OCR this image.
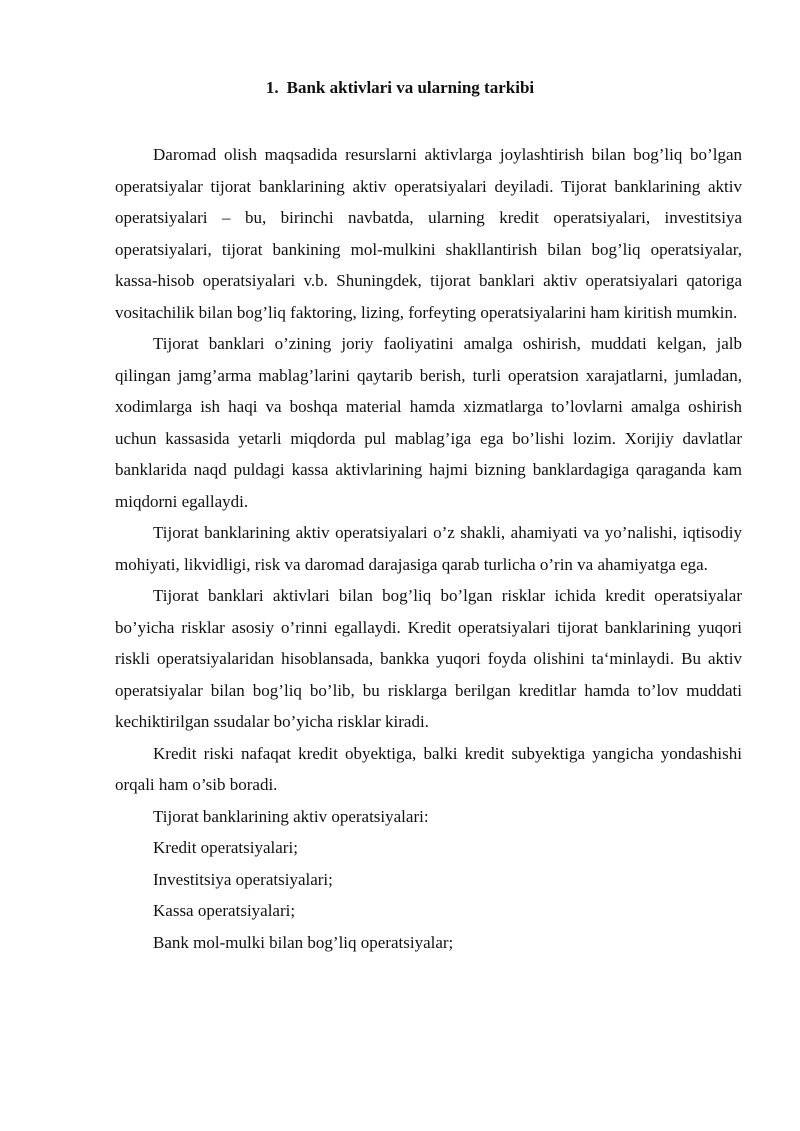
1. Bank aktivlari va ularning tarkibi

Daromad olish maqsadida resurslarni aktivlarga joylashtirish bilan bog’liq bo’lgan operatsiyalar tijorat banklarining aktiv operatsiyalari deyiladi. Tijorat banklarining aktiv operatsiyalari – bu, birinchi navbatda, ularning kredit operatsiyalari, investitsiya operatsiyalari, tijorat bankining mol-mulkini shakllantirish bilan bog’liq operatsiyalar, kassa-hisob operatsiyalari v.b. Shuningdek, tijorat banklari aktiv operatsiyalari qatoriga vositachilik bilan bog’liq faktoring, lizing, forfeyting operatsiyalarini ham kiritish mumkin.

Tijorat banklari o’zining joriy faoliyatini amalga oshirish, muddati kelgan, jalb qilingan jamg’arma mablag’larini qaytarib berish, turli operatsion xarajatlarni, jumladan, xodimlarga ish haqi va boshqa material hamda xizmatlarga to’lovlarni amalga oshirish uchun kassasida yetarli miqdorda pul mablag’iga ega bo’lishi lozim. Xorijiy davlatlar banklarida naqd puldagi kassa aktivlarining hajmi bizning banklardagiga qaraganda kam miqdorni egallaydi.

Tijorat banklarining aktiv operatsiyalari o’z shakli, ahamiyati va yo’nalishi, iqtisodiy mohiyati, likvidligi, risk va daromad darajasiga qarab turlicha o’rin va ahamiyatga ega.

Tijorat banklari aktivlari bilan bog’liq bo’lgan risklar ichida kredit operatsiyalar bo’yicha risklar asosiy o’rinni egallaydi. Kredit operatsiyalari tijorat banklarining yuqori riskli operatsiyalaridan hisoblansada, bankka yuqori foyda olishini ta‘minlaydi. Bu aktiv operatsiyalar bilan bog’liq bo’lib, bu risklarga berilgan kreditlar hamda to’lov muddati kechiktirilgan ssudalar bo’yicha risklar kiradi.

Kredit riski nafaqat kredit obyektiga, balki kredit subyektiga yangicha yondashishi orqali ham o’sib boradi.

Tijorat banklarining aktiv operatsiyalari:

Kredit operatsiyalari;

Investitsiya operatsiyalari;

Kassa operatsiyalari;

Bank mol-mulki bilan bog’liq operatsiyalar;
